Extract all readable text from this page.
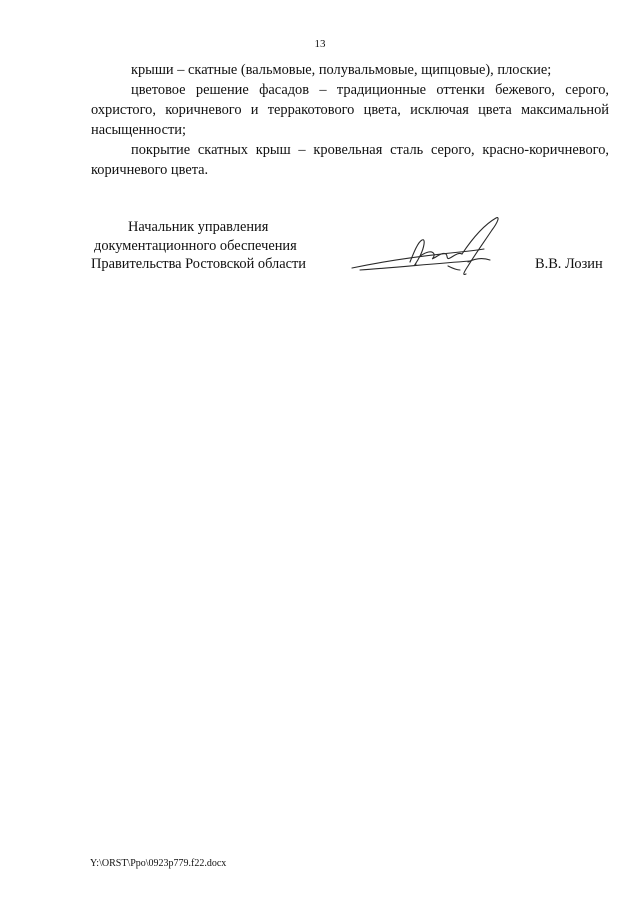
13

крыши – скатные (вальмовые, полувальмовые, щипцовые), плоские;

цветовое решение фасадов – традиционные оттенки бежевого, серого, охристого, коричневого и терракотового цвета, исключая цвета максимальной насыщенности;

покрытие скатных крыш – кровельная сталь серого, красно-коричневого, коричневого цвета.

Начальник управления
документационного обеспечения
Правительства Ростовской области	В.В. Лозин
Y:\ORST\Ppo\0923p779.f22.docx
